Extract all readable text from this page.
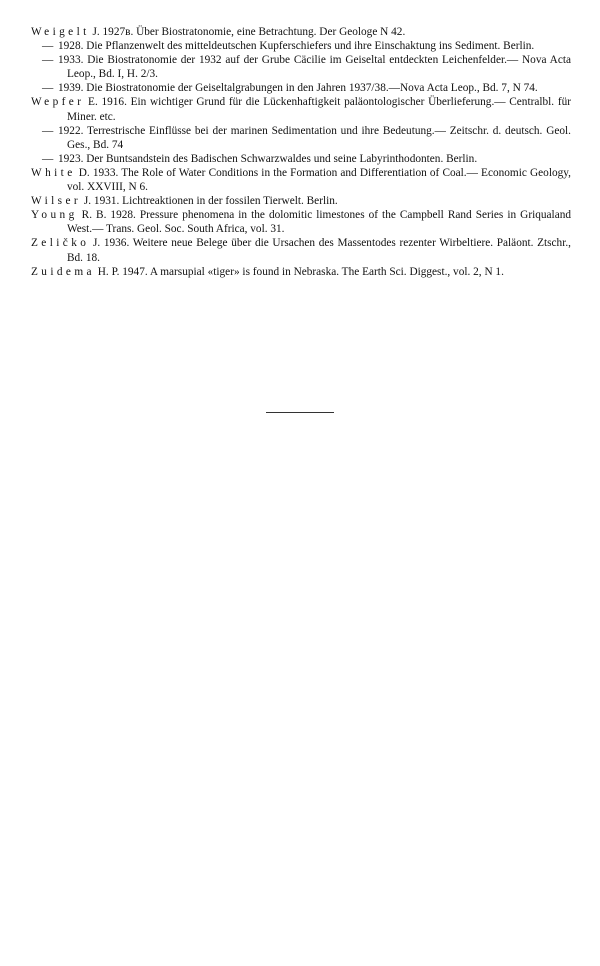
Weigelt J. 1927в. Über Biostratonomie, eine Betrachtung. Der Geologe N 42.

— 1928. Die Pflanzenwelt des mitteldeutschen Kupferschiefers und ihre Einschaktung ins Sediment. Berlin.

— 1933. Die Biostratonomie der 1932 auf der Grube Cäcilie im Geiseltal entdeckten Leichenfelder.— Nova Acta Leop., Bd. I, H. 2/3.

— 1939. Die Biostratonomie der Geiseltalgrabungen in den Jahren 1937/38.—Nova Acta Leop., Bd. 7, N 74.

Wepfer E. 1916. Ein wichtiger Grund für die Lückenhaftigkeit paläontologischer Überlieferung.— Centralbl. für Miner. etc.

— 1922. Terrestrische Einflüsse bei der marinen Sedimentation und ihre Bedeutung.— Zeitschr. d. deutsch. Geol. Ges., Bd. 74

— 1923. Der Buntsandstein des Badischen Schwarzwaldes und seine Labyrinthodonten. Berlin.

White D. 1933. The Role of Water Conditions in the Formation and Differentiation of Coal.— Economic Geology, vol. XXVIII, N 6.

Wilser J. 1931. Lichtreaktionen in der fossilen Tierwelt. Berlin.

Young R. B. 1928. Pressure phenomena in the dolomitic limestones of the Campbell Rand Series in Griqualand West.— Trans. Geol. Soc. South Africa, vol. 31.

Zeličko J. 1936. Weitere neue Belege über die Ursachen des Massentodes rezenter Wirbeltiere. Paläont. Ztschr., Bd. 18.

Zuidema H. P. 1947. A marsupial «tiger» is found in Nebraska. The Earth Sci. Diggest., vol. 2, N 1.
